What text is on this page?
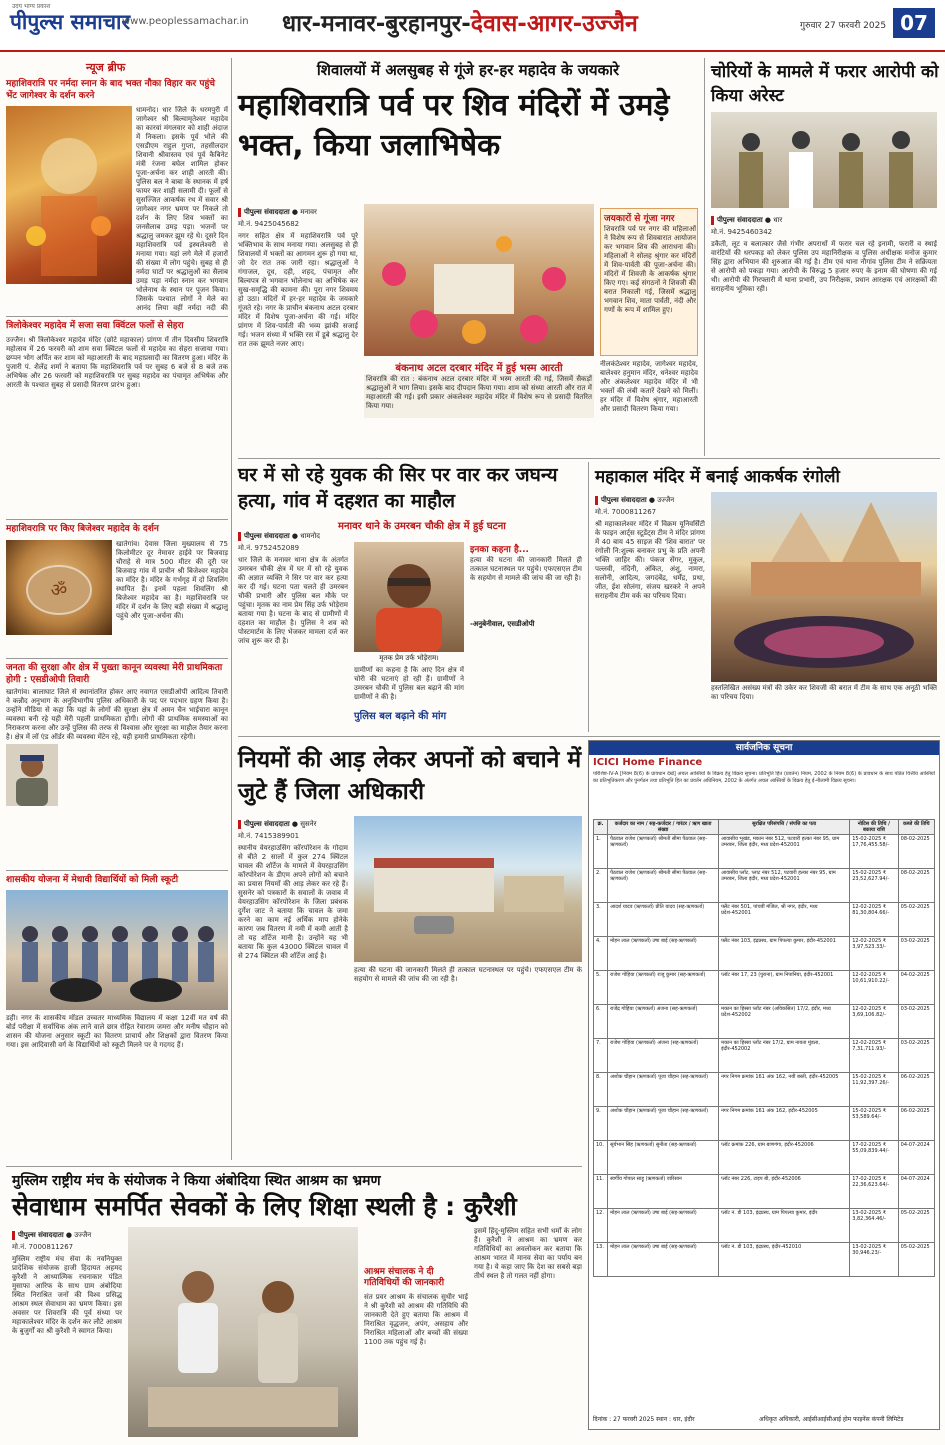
पीपुल्स समाचार
उदय भाग्य प्रकाश
www.peoplessamachar.in धार-मनावर-बुरहानपुर-देवास-आगर-उज्जैन	गुरुवार 27 फरवरी 2025 07
न्यूज ब्रीफ
महाशिवरात्रि पर नर्मदा स्नान के बाद भक्त नौका विहार कर पहुंचे भेंट जागेश्वर के दर्शन करने
धामनोद। धार जिले के धरमपुरी में जागेश्वर श्री बिल्वामृतेश्वर महादेव का कारवां मंगलवार को शाही अंदाज में निकला। इसके पूर्व भोले की एसडीएम राहुल गुप्ता, तहसीलदार शिवानी श्रीवास्तव एवं पूर्व कैबिनेट मंत्री रंजना बघेल शामिल होकर पूजा-अर्चना कर शाही आरती की। पुलिस बल ने बाबा के स्थानक में हर्ष फायर कर शाही सलामी दी। फूलों से सुसज्जित आकर्षक रथ में सवार श्री जागेश्वर नगर भ्रमण पर निकले तो दर्शन के लिए शिव भक्तों का जनसैलाब उमड़ पड़ा। भजनों पर श्रद्धालु जमकर झूम रहे थे। दूसरे दिन महाशिवरात्रि पर्व इस्थलेश्वरी से मनाया गया। यहां लगे मेले में हजारों की संख्या में लोग पहुंचे। सुबह से ही नर्मदा घाटों पर श्रद्धालुओं का सैलाब उमड़ पड़ा नर्मदा स्नान कर भगवान भोलेनाथ के स्थान पर पूजन किया। जिसके पश्चात लोगों ने मेले का आनंद लिया वहीं नर्मदा नदी की
त्रिलोकेश्वर महादेव में सजा सवा क्विंटल फलों से सेहरा
उज्जैन। श्री त्रिलोकेश्वर महादेव मंदिर (छोटे महाकाल) प्रांगण में तीन दिवसीय शिवरात्रि महोत्सव में 26 फरवरी को शाम सवा क्विंटल फलों से महादेव का सेहरा सजाया गया। छप्पन भोग अर्पित कर शाम को महाआरती के बाद महाप्रसादी का वितरण हुआ। मंदिर के पुजारी पं. शैलेंद्र शर्मा ने बताया कि महाशिवरात्रि पर्व पर सुबह 6 बजे से 8 बजे तक अभिषेक और 26 फरवरी को महाशिवरात्रि पर सुबह महादेव का पंचामृत अभिषेक और आरती के पश्चात सुबह से प्रसादी वितरण प्रारंभ हुआ।
महाशिवरात्रि पर किए बिजेश्वर महादेव के दर्शन
ॐ
खातेगांव। देवास जिला मुख्यालय से 75 किलोमीटर दूर नेमावर हाईवे पर बिजवाड़ चौराहे से मात्र 500 मीटर की दूरी पर बिजवाड़ गांव में प्राचीन श्री बिजेश्वर महादेव का मंदिर है। मंदिर के गर्भगृह में दो शिवलिंग स्थापित हैं। इनमें पहला शिवलिंग श्री बिजेश्वर महादेव का है। महाशिवरात्रि पर मंदिर में दर्शन के लिए बड़ी संख्या में श्रद्धालु पहुंचे और पूजा-अर्चना की।
जनता की सुरक्षा और क्षेत्र में पुख्ता कानून व्यवस्था मेरी प्राथमिकता होगी : एसडीओपी तिवारी
खातेगांव। बालाघाट जिले से स्थानांतरित होकर आए नवागत एसडीओपी आदित्य तिवारी ने कन्नौद अनुभाग के अनुविभागीय पुलिस अधिकारी के पद पर पदभार ग्रहण किया है। उन्होंने मीडिया से कहा कि यहां के लोगों की सुरक्षा क्षेत्र में अमन चैन भाईचारा कानून व्यवस्था बनी रहे यही मेरी पहली प्राथमिकता होगी। लोगों की प्राथमिक समस्याओं का निराकरण करना और उन्हें पुलिस की तरफ से विश्वास और सुरक्षा का माहौल तैयार करना है। क्षेत्र में लॉ एंड ऑर्डर की व्यवस्था मेंटेन रहे, यही हमारी प्राथमिकता रहेगी।
शासकीय योजना में मेधावी विद्यार्थियों को मिली स्कूटी
डही। नगर के शासकीय मॉडल उच्चतर माध्यमिक विद्यालय में कक्षा 12वीं मत वर्ष की बोर्ड परीक्षा में सर्वाधिक अंक लाने वाले छात्र रोहित रेवाराम जमरा और मनीष चौहान को शासन की योजना अनुसार स्कूटी का वितरण प्राचार्य और शिक्षकों द्वारा वितरण किया गया। इस आदिवासी वर्ग के विद्यार्थियों को स्कूटी मिलने पर वे गदगद हैं।
शिवालयों में अलसुबह से गूंजे हर-हर महादेव के जयकारे
महाशिवरात्रि पर्व पर शिव मंदिरों में उमड़े भक्त, किया जलाभिषेक
पीपुल्स संवाददाता ● मनावर
मो.नं. 9425045682
नगर सहित क्षेत्र में महाशिवरात्रि पर्व पूरे भक्तिभाव के साथ मनाया गया। अलसुबह से ही शिवालयों में भक्तों का आगमन शुरू हो गया था, जो देर रात तक जारी रहा। श्रद्धालुओं ने गंगाजल, दूध, दही, शहद, पंचामृत और बिल्वपत्र से भगवान भोलेनाथ का अभिषेक कर सुख-समृद्धि की कामना की। पूरा नगर शिवमय हो उठा। मंदिरों में हर-हर महादेव के जयकारे गूंजते रहे। नगर के प्राचीन बंकनाथ अटल दरबार मंदिर में विशेष पूजा-अर्चना की गई। मंदिर प्रांगण में शिव-पार्वती की भव्य झांकी सजाई गई। भजन संध्या में भक्ति रस में डूबे श्रद्धालु देर रात तक झूमते नजर आए।
जयकारों से गूंजा नगर
शिवरात्रि पर्व पर नगर की महिलाओं ने विशेष रूप से शिवबारात आयोजन कर भगवान शिव की आराधना की। महिलाओं ने सोलह श्रृंगार कर मंदिरों में शिव-पार्वती की पूजा-अर्चना की। मंदिरों में शिवजी के आकर्षक श्रृंगार किए गए। कई संगठनों ने शिवजी की बरात निकाली गई, जिसमें श्रद्धालु भगवान शिव, माता पार्वती, नंदी और गणों के रूप में शामिल हुए।
बंकनाथ अटल दरबार मंदिर में हुई भस्म आरती
शिवरात्रि की रात : बंकनाथ अटल दरबार मंदिर में भस्म आरती की गई, जिसमें सैकड़ों श्रद्धालुओं ने भाग लिया। इसके बाद दीपदान किया गया। शाम को संध्या आरती और रात में महाआरती की गई। इसी प्रकार अंकलेश्वर महादेव मंदिर में विशेष रूप से प्रसादी वितरित किया गया।
नीलकंठेश्वर महादेव, जागेश्वर महादेव, बालेश्वर हनुमान मंदिर, धनेश्वर महादेव और अंकलेश्वर महादेव मंदिर में भी भक्तों की लंबी कतारें देखने को मिलीं। हर मंदिर में विशेष श्रृंगार, महाआरती और प्रसादी वितरण किया गया।
चोरियों के मामले में फरार आरोपी को किया अरेस्ट
पीपुल्स संवाददाता ● धार
मो.नं. 9425460342
डकैती, लूट व बलात्कार जैसे गंभीर अपराधों में फरार चल रहे इनामी, फरारी व स्थाई वारंटियों की धरपकड़ को लेकर पुलिस उप महानिरीक्षक व पुलिस अधीक्षक मनोज कुमार सिंह द्वारा अभियान की शुरुआत की गई है। टीम एवं थाना नौगांव पुलिस टीम ने सक्रियता से आरोपी को पकड़ा गया। आरोपी के विरुद्ध 5 हजार रुपए के इनाम की घोषणा की गई थी। आरोपी की गिरफ्तारी में थाना प्रभारी, उप निरीक्षक, प्रधान आरक्षक एवं आरक्षकों की सराहनीय भूमिका रही।
घर में सो रहे युवक की सिर पर वार कर जघन्य हत्या, गांव में दहशत का माहौल
मनावर थाने के उमरबन चौकी क्षेत्र में हुई घटना
पीपुल्स संवाददाता ● धामनोद
मो.नं. 9752452089
धार जिले के मनावर थाना क्षेत्र के अंतर्गत उमरबन चौकी क्षेत्र में घर में सो रहे युवक की अज्ञात व्यक्ति ने सिर पर वार कर हत्या कर दी गई। घटना पता चलते ही उमरबन चौकी प्रभारी और पुलिस बल मौके पर पहुंचा। मृतक का नाम प्रेम सिंह उर्फ भोड़ेराम बताया गया है। घटना के बाद से ग्रामीणों में दहशत का माहौल है। पुलिस ने शव को पोस्टमार्टम के लिए भेजकर मामला दर्ज कर जांच शुरू कर दी है।
मृतक प्रेम उर्फ भोड़ेराम।
ग्रामीणों का कहना है कि आए दिन क्षेत्र में चोरी की घटनाएं हो रही हैं। ग्रामीणों ने उमरबन चौकी में पुलिस बल बढ़ाने की मांग ग्रामीणों ने की है।
इनका कहना है...
हत्या की घटना की जानकारी मिलते ही तत्काल घटनास्थल पर पहुंचे। एफएसएल टीम के सहयोग से मामले की जांच की जा रही है।
-अनुबेनीवाल, एसडीओपी
पुलिस बल बढ़ाने की मांग
महाकाल मंदिर में बनाई आकर्षक रंगोली
पीपुल्स संवाददाता ● उज्जैन
मो.नं. 7000811267
श्री महाकालेश्वर मंदिर में विक्रम यूनिवर्सिटी के फाइन आर्ट्स स्टूडेंट्स टीम ने मंदिर प्रांगण में 40 बाय 45 साइज की 'शिव बारात' पर रंगोली नि:शुल्क बनाकर प्रभु के प्रति अपनी भक्ति जाहिर की। पंकज सेंगर, मुकुल, पल्लवी, नंदिनी, अंकित, अंशु, नामरा, सलोनी, आदित्य, जगदंबेंद्र, धर्मेंद्र, प्रथा, जीत, ईश सोलंगा, संजय खरकरे ने अपने सराहनीय टीम वर्क का परिचय दिया।
हस्तलिखित असंख्य मंत्रों की उकेर कर शिवजी की बरात में टीम के साथ एक अनूठी भक्ति का परिचय दिया।
नियमों की आड़ लेकर अपनों को बचाने में जुटे हैं जिला अधिकारी
पीपुल्स संवाददाता ● सुसनेर
मो.नं. 7415389901
स्थानीय वेयरहाउसिंग कॉरपोरेशन के गोदाम से बीते 2 सालों में कुल 274 क्विंटल चावल की शॉर्टेज के मामले में वेयरहाउसिंग कॉरपोरेशन के डीएम अपने लोगों को बचाने का प्रयास नियमों की आड़ लेकर कर रहे हैं। सुसनेर को पत्रकारों के सवालों के जवाब में वेयरहाउसिंग कॉरपोरेशन के जिला प्रबंधक दुर्गेश जाट ने बताया कि चावल के जमा करने का काम नई अर्थिक माप होनेके कारण जब वितरण में नमी में कमी आती है तो यह शॉर्टेज मानी है। उन्होंने यह भी बताया कि कुल 43000 क्विंटल चावल में से 274 क्विंटल की शॉर्टेज आई है।
हत्या की घटना की जानकारी मिलते ही तत्काल घटनास्थल पर पहुंचे। एफएसएल टीम के सहयोग से मामले की जांच की जा रही है।
सार्वजनिक सूचना
ICICI Home Finance
परिशिष्ट-IV-A [नियम 8(6) के प्रावधान देखें] अचल आस्तियों के विक्रय हेतु विक्रय सूचना। प्रतिभूति हित (प्रवर्तन) नियम, 2002 के नियम 8(6) के प्रावधान के साथ पठित वित्तीय आस्तियों का प्रतिभूतिकरण और पुनर्गठन तथा प्रतिभूति हित का प्रवर्तन अधिनियम, 2002 के अंतर्गत अचल आस्तियों के विक्रय हेतु ई-नीलामी विक्रय सूचना।
क्र.	कर्जदार का नाम / सह-कर्जदार / गारंटर / ऋण खाता संख्या	सुरक्षित परिसंपत्ति / संपत्ति का पता	नोटिस की तिथि / बकाया राशि	कब्जे की तिथि
1.	पैठवाल राजेश (ऋणकर्ता) श्रीमती सीमा पैठवाल (सह-ऋणकर्ता)	आवासीय भूखंड, मकान नंबर 512, पटवारी हल्का नंबर 95, ग्राम उमरबन, जिला इंदौर, मध्य प्रदेश-452001	15-02-2025 ₹ 17,76,455.58/-	08-02-2025
2.	पैठवाल राजेश (ऋणकर्ता) श्रीमती सीमा पैठवाल (सह-ऋणकर्ता)	आवासीय प्लॉट, प्लाट नंबर 512, पटवारी हल्का नंबर 95, ग्राम उमरबन, जिला इंदौर, मध्य प्रदेश-452001	15-02-2025 ₹ 23,52,627.94/-	08-02-2025
3.	आदर्श यादव (ऋणकर्ता) प्रीति यादव (सह-ऋणकर्ता)	फ्लैट नंबर 501, पांचवीं मंजिल, श्री नगर, इंदौर, मध्य प्रदेश-452001	12-02-2025 ₹ 81,30,804.66/-	05-02-2025
4.	मोहन लाल (ऋणकर्ता) उषा बाई (सह-ऋणकर्ता)	फ्लैट नंबर 103, इंद्रप्रस्थ, ग्राम पिपल्या कुमार, इंदौर-452001	12-02-2025 ₹ 3,97,523.33/-	03-02-2025
5.	राजेश गोहिया (ऋणकर्ता) राजू कुमार (सह-ऋणकर्ता)	प्लॉट नंबर 17, 23 (पुराना), ग्राम निपानिया, इंदौर-452001	12-02-2025 ₹ 10,61,910.22/-	04-02-2025
6.	राजेंद्र गोहिया (ऋणकर्ता) अंजना (सह-ऋणकर्ता)	मकान का हिस्सा प्लॉट नंबर (अविकसित) 17/2, इंदौर, मध्य प्रदेश-452002	12-02-2025 ₹ 3,69,106.82/-	03-02-2025
7.	राजेश गोहिया (ऋणकर्ता) अंजना (सह-ऋणकर्ता)	मकान का हिस्सा प्लॉट नंबर 17/2, ग्राम नायता मुंडला, इंदौर-452002	12-02-2025 ₹ 7,31,711.93/-	03-02-2025
8.	अशोक चौहान (ऋणकर्ता) पूजा चौहान (सह-ऋणकर्ता)	नगर निगम क्रमांक 161 अंक 162, नयी बस्ती, इंदौर-452005	15-02-2025 ₹ 11,92,397.26/-	06-02-2025
9.	अशोक चौहान (ऋणकर्ता) पूजा चौहान (सह-ऋणकर्ता)	नगर निगम क्रमांक 161 अंक 162, इंदौर-452005	15-02-2025 ₹ 53,589.64/-	06-02-2025
10.	सूर्यभान सिंह (ऋणकर्ता) सुनीता (सह-ऋणकर्ता)	प्लॉट क्रमांक 226, ग्राम बाणगंगा, इंदौर-452006	17-02-2025 ₹ 55,09,839.44/-	04-07-2024
11.	स्वर्गीय गोपाल साहू (ऋणकर्ता) वारिसान	प्लॉट नंबर 226, टाइप बी, इंदौर-452006	17-02-2025 ₹ 22,36,623.64/-	04-07-2024
12.	मोहन लाल (ऋणकर्ता) उषा बाई (सह-ऋणकर्ता)	प्लॉट नं. डी 103, इंद्रप्रस्थ, ग्राम पिपल्या कुमार, इंदौर	13-02-2025 ₹ 3,82,364.46/-	05-02-2025
13.	मोहन लाल (ऋणकर्ता) उषा बाई (सह-ऋणकर्ता)	प्लॉट नं. डी 103, इंद्रप्रस्थ, इंदौर-452010	13-02-2025 ₹ 30,946.23/-	05-02-2025
दिनांक : 27 फरवरी 2025 स्थान : धार, इंदौर	अधिकृत अधिकारी, आईसीआईसीआई होम फाइनेंस कंपनी लिमिटेड
मुस्लिम राष्ट्रीय मंच के संयोजक ने किया अंबोदिया स्थित आश्रम का भ्रमण
सेवाधाम समर्पित सेवकों के लिए शिक्षा स्थली है : कुरैशी
पीपुल्स संवाददाता ● उज्जैन
मो.नं. 7000811267
मुस्लिम राष्ट्रीय मंच सेवा के नवनियुक्त प्रादेशिक संयोजक हाजी हिदायत अहमद कुरैशी ने आध्यात्मिक रचनाकार पंडित मुसाफा आरिफ के साथ ग्राम अंबोदिया स्थित निराश्रित जनों की विश्व प्रसिद्ध आश्रम स्थल सेवाधाम का भ्रमण किया। इस अवसर पर शिवरात्रि की पूर्व संध्या पर महाकालेश्वर मंदिर के दर्शन कर लौटे आश्रम के बुजुर्गों का श्री कुरैशी ने स्वागत किया।
आश्रम संचालक ने दी गतिविधियों की जानकारी
संत प्रवर आश्रम के संचालक सुधीर भाई ने श्री कुरैशी को आश्रम की गतिविधि की जानकारी देते हुए बताया कि आश्रम में निराश्रित वृद्धजन, अपंग, असहाय और निराश्रित महिलाओं और बच्चों की संख्या 1100 तक पहुंच गई है।
इसमें हिंदू-मुस्लिम सहित सभी धर्मों के लोग हैं। कुरैशी ने आश्रम का भ्रमण कर गतिविधियों का अवलोकन कर बताया कि आश्रम भारत में मानव सेवा का पर्याय बन गया है। ये कहा जाए कि देश का सबसे बड़ा तीर्थ स्थल है तो गलत नहीं होगा।
